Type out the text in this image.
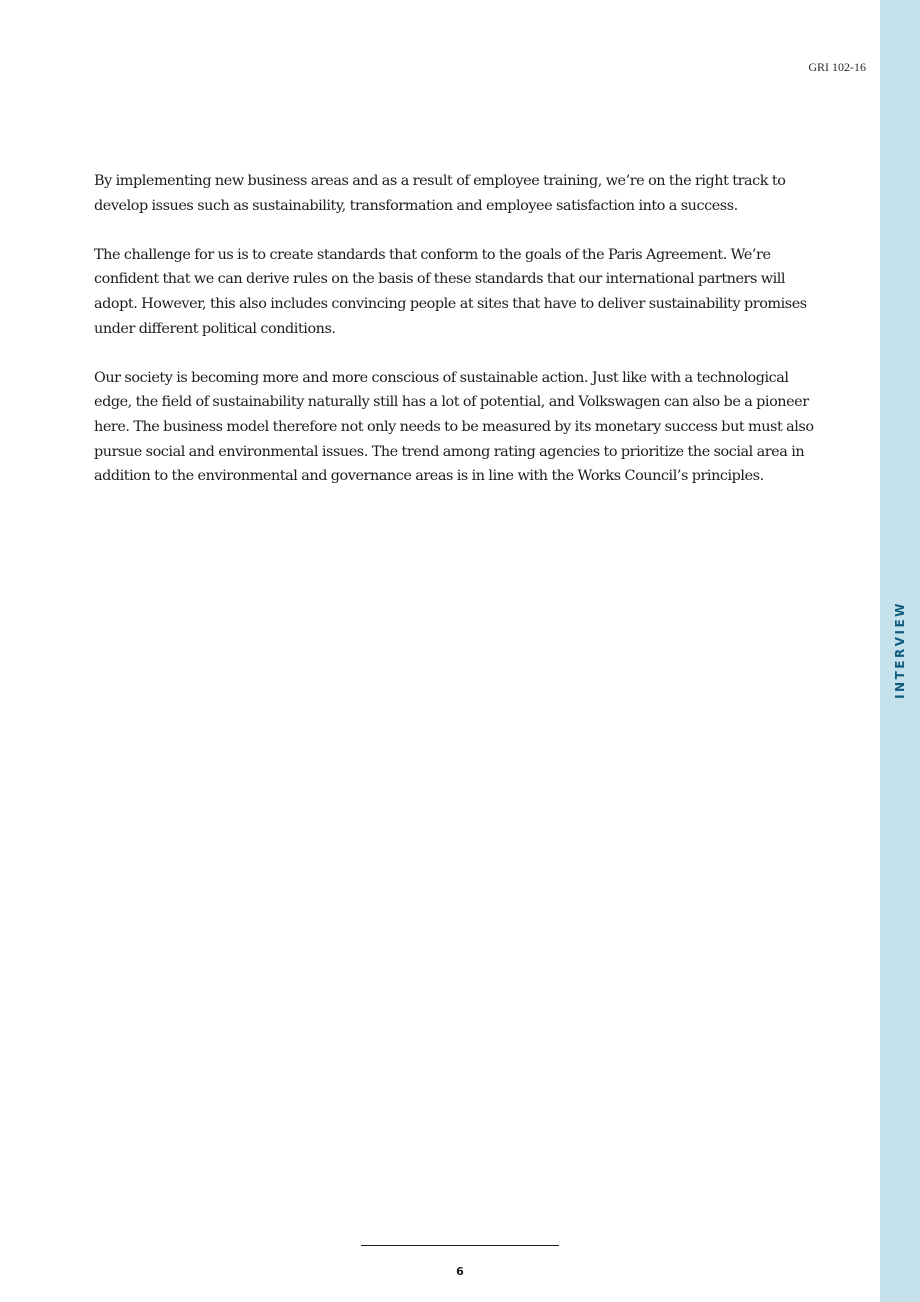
INTERVIEW
GRI 102-16

By implementing new business areas and as a result of employee training, we’re on the right track to develop issues such as sustainability, transformation and employee satisfaction into a success.

The challenge for us is to create standards that conform to the goals of the Paris Agreement. We’re confident that we can derive rules on the basis of these standards that our international partners will adopt. However, this also includes convincing people at sites that have to deliver sustainability promises under different political conditions.

Our society is becoming more and more conscious of sustainable action. Just like with a technological edge, the field of sustainability naturally still has a lot of potential, and Volkswagen can also be a pioneer here. The business model therefore not only needs to be measured by its monetary success but must also pursue social and environmental issues. The trend among rating agencies to prioritize the social area in addition to the environmental and governance areas is in line with the Works Council’s principles.

6
